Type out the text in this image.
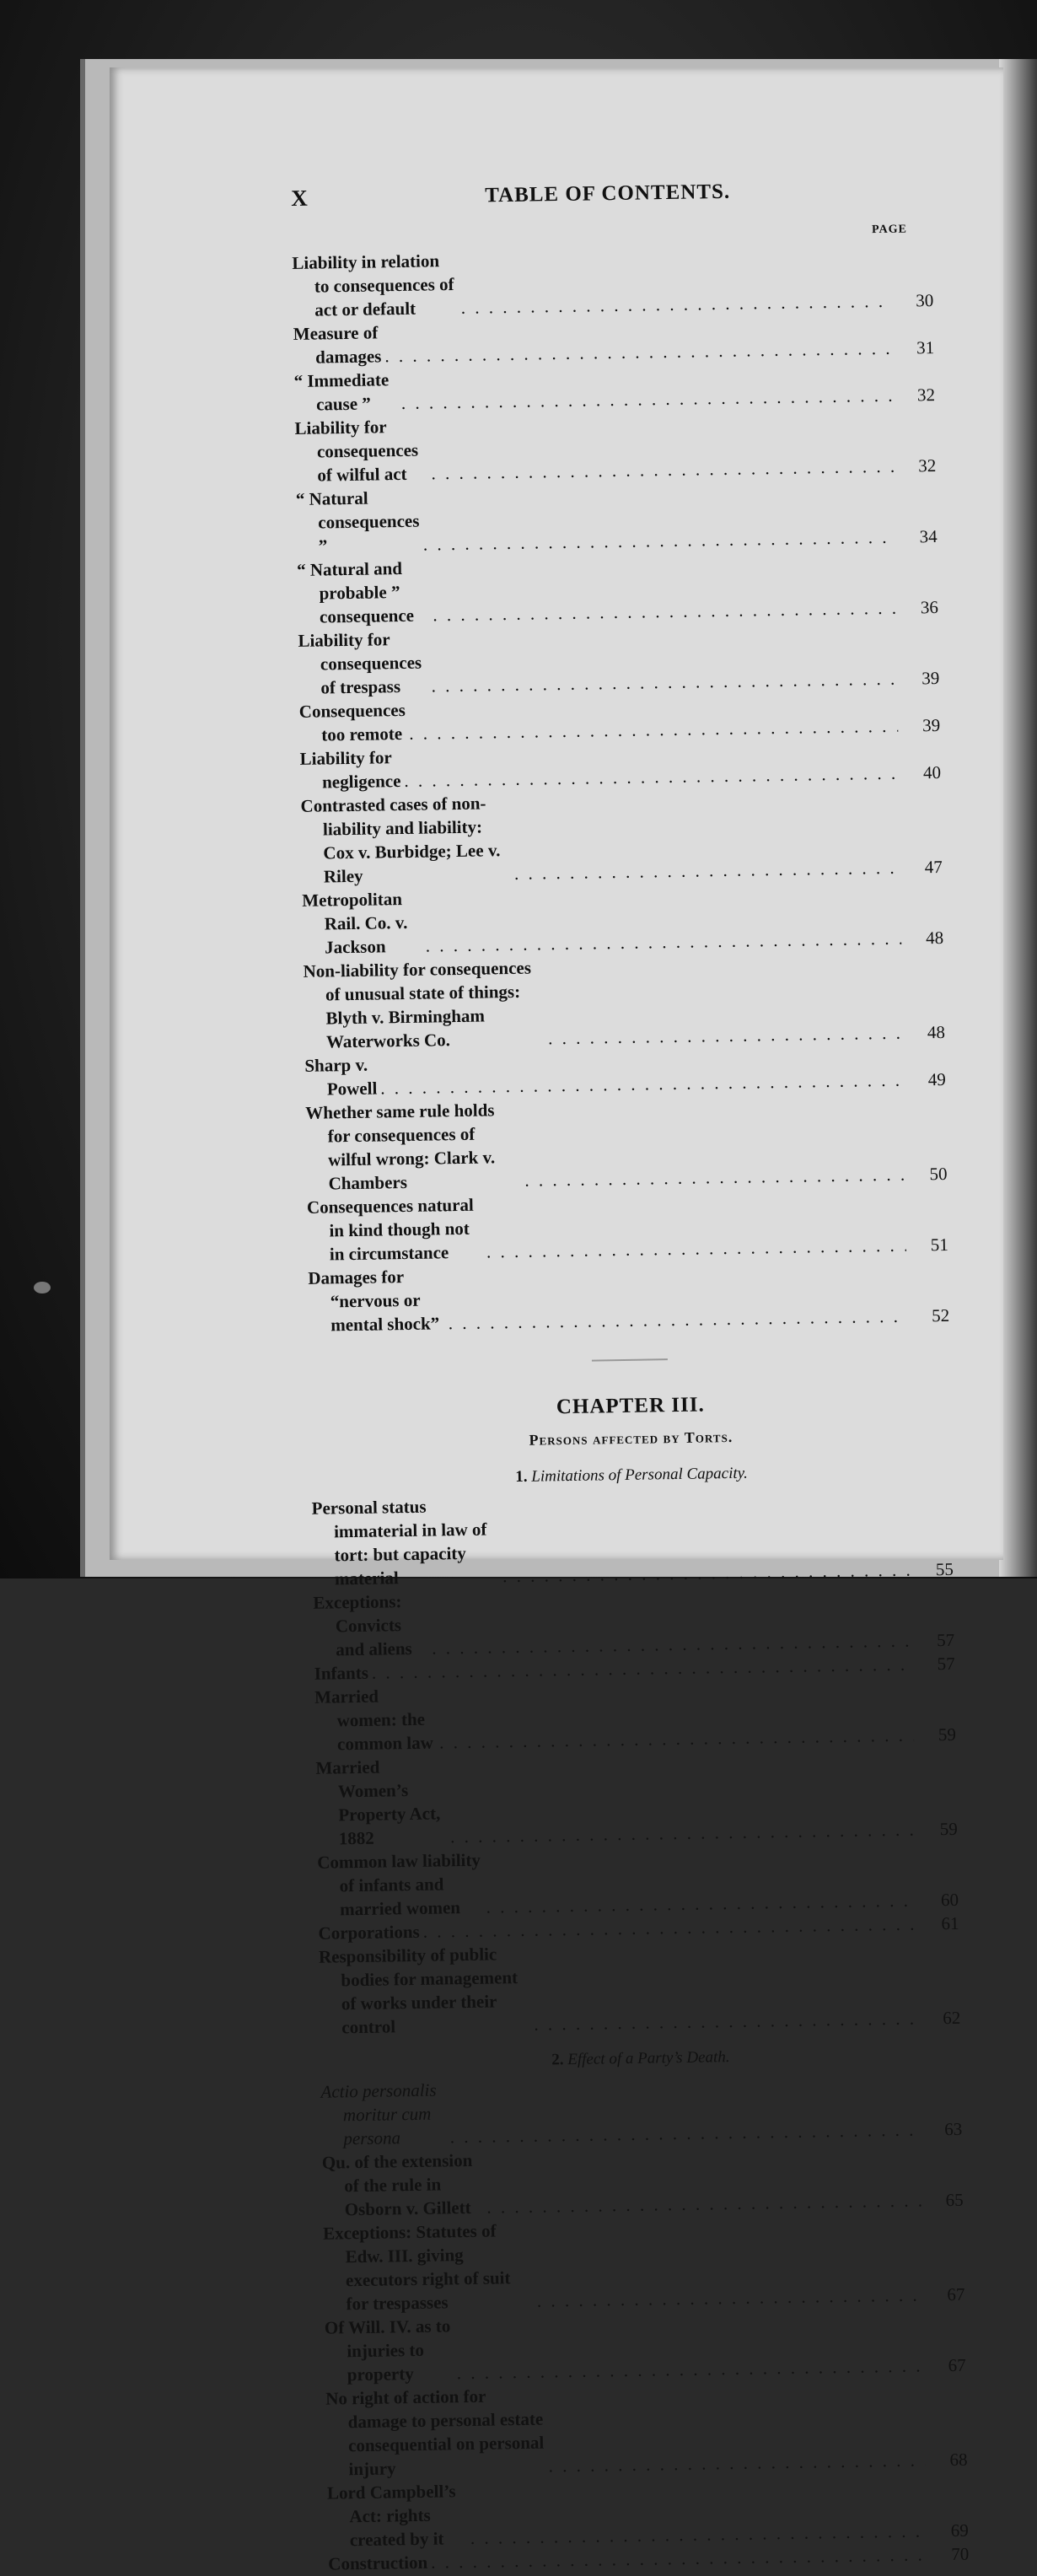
X	TABLE OF CONTENTS.
PAGE
Liability in relation to consequences of act or default . . .	30
Measure of damages . . .	31
“ Immediate cause ” . . .	32
Liability for consequences of wilful act . . .	32
“ Natural consequences ” . . .	34
“ Natural and probable ” consequence . . .	36
Liability for consequences of trespass . . .	39
Consequences too remote . . .	39
Liability for negligence . . .	40
Contrasted cases of non-liability and liability: Cox v. Burbidge; Lee v. Riley . . .	47
Metropolitan Rail. Co. v. Jackson . . .	48
Non-liability for consequences of unusual state of things: Blyth v. Birmingham Waterworks Co. . . .	48
Sharp v. Powell . . .	49
Whether same rule holds for consequences of wilful wrong: Clark v. Chambers . . .	50
Consequences natural in kind though not in circumstance . . .	51
Damages for “nervous or mental shock” . . .	52
CHAPTER III.
Persons affected by Torts.
1. Limitations of Personal Capacity.
Personal status immaterial in law of tort: but capacity material . . .	55
Exceptions: Convicts and aliens . . .	57
Infants . . .	57
Married women: the common law . . .	59
Married Women’s Property Act, 1882 . . .	59
Common law liability of infants and married women . . .	60
Corporations . . .	61
Responsibility of public bodies for management of works under their control . . .	62
2. Effect of a Party’s Death.
Actio personalis moritur cum persona . . .	63
Qu. of the extension of the rule in Osborn v. Gillett . . .	65
Exceptions: Statutes of Edw. III. giving executors right of suit for trespasses . . .	67
Of Will. IV. as to injuries to property . . .	67
No right of action for damage to personal estate consequential on personal injury . . .	68
Lord Campbell’s Act: rights created by it . . .	69
Construction . . .	70
